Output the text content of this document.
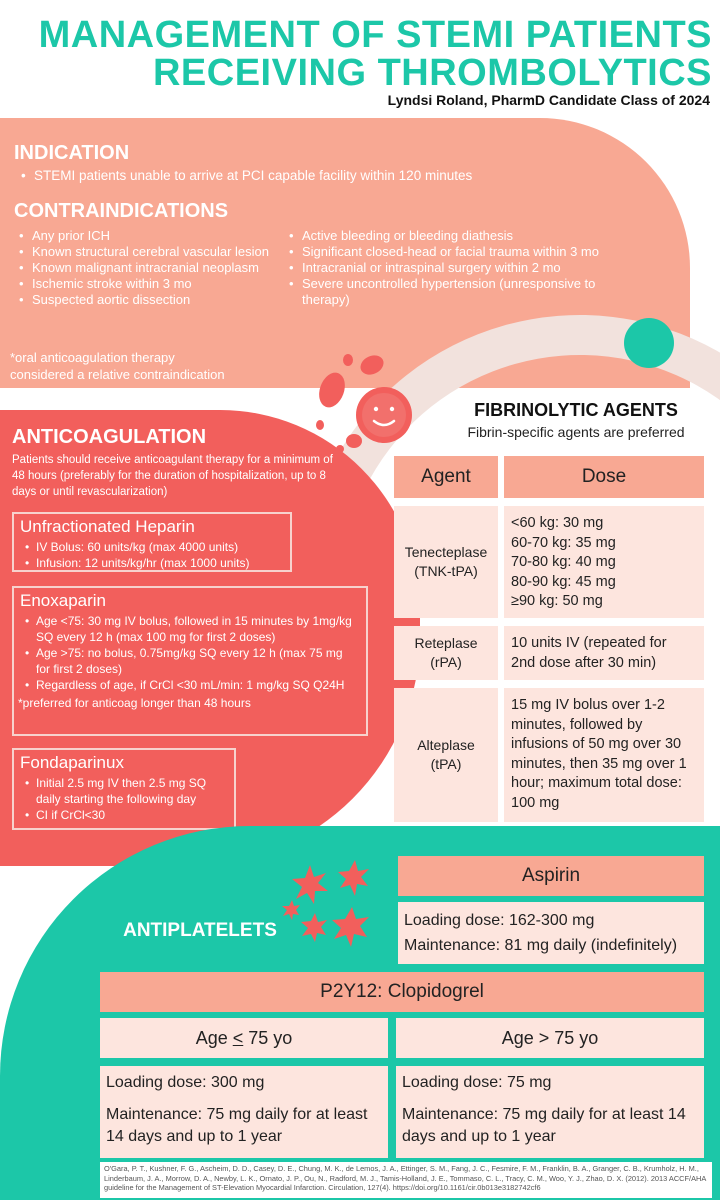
MANAGEMENT OF STEMI PATIENTS
RECEIVING THROMBOLYTICS
Lyndsi Roland, PharmD Candidate Class of 2024
INDICATION
• STEMI patients unable to arrive at PCI capable facility within 120 minutes
CONTRAINDICATIONS
• Any prior ICH
• Known structural cerebral vascular lesion
• Known malignant intracranial neoplasm
• Ischemic stroke within 3 mo
• Suspected aortic dissection
• Active bleeding or bleeding diathesis
• Significant closed-head or facial trauma within 3 mo
• Intracranial or intraspinal surgery within 2 mo
• Severe uncontrolled hypertension (unresponsive to therapy)
*oral anticoagulation therapy
considered a relative contraindication
ANTICOAGULATION
Patients should receive anticoagulant therapy for a minimum of 48 hours (preferably for the duration of hospitalization, up to 8 days or until revascularization)
Unfractionated Heparin
• IV Bolus: 60 units/kg (max 4000 units)
• Infusion: 12 units/kg/hr (max 1000 units)
Enoxaparin
• Age <75: 30 mg IV bolus, followed in 15 minutes by 1mg/kg SQ every 12 h (max 100 mg for first 2 doses)
• Age >75: no bolus, 0.75mg/kg SQ every 12 h (max 75 mg for first 2 doses)
• Regardless of age, if CrCl <30 mL/min: 1 mg/kg SQ Q24H
*preferred for anticoag longer than 48 hours
Fondaparinux
• Initial 2.5 mg IV then 2.5 mg SQ daily starting the following day
• CI if CrCl<30
FIBRINOLYTIC AGENTS
Fibrin-specific agents are preferred
Agent	Dose
Tenecteplase
(TNK-tPA)
<60 kg: 30 mg
60-70 kg: 35 mg
70-80 kg: 40 mg
80-90 kg: 45 mg
≥90 kg: 50 mg
Reteplase
(rPA)
10 units IV (repeated for
2nd dose after 30 min)
Alteplase
(tPA)
15 mg IV bolus over 1-2
minutes, followed by
infusions of 50 mg over 30
minutes, then 35 mg over 1
hour; maximum total dose:
100 mg
ANTIPLATELETS
Aspirin
Loading dose: 162-300 mg
Maintenance: 81 mg daily (indefinitely)
P2Y12: Clopidogrel
Age < 75 yo	Age > 75 yo
Loading dose: 300 mg
Maintenance: 75 mg daily for at least 14 days and up to 1 year
Loading dose: 75 mg
Maintenance: 75 mg daily for at least 14 days and up to 1 year
O'Gara, P. T., Kushner, F. G., Ascheim, D. D., Casey, D. E., Chung, M. K., de Lemos, J. A., Ettinger, S. M., Fang, J. C., Fesmire, F. M., Franklin, B. A., Granger, C. B., Krumholz, H. M., Linderbaum, J. A., Morrow, D. A., Newby, L. K., Ornato, J. P., Ou, N., Radford, M. J., Tamis-Holland, J. E., Tommaso, C. L., Tracy, C. M., Woo, Y. J., Zhao, D. X. (2012). 2013 ACCF/AHA guideline for the Management of ST-Elevation Myocardial Infarction. Circulation, 127(4). https://doi.org/10.1161/cir.0b013e3182742cf6
